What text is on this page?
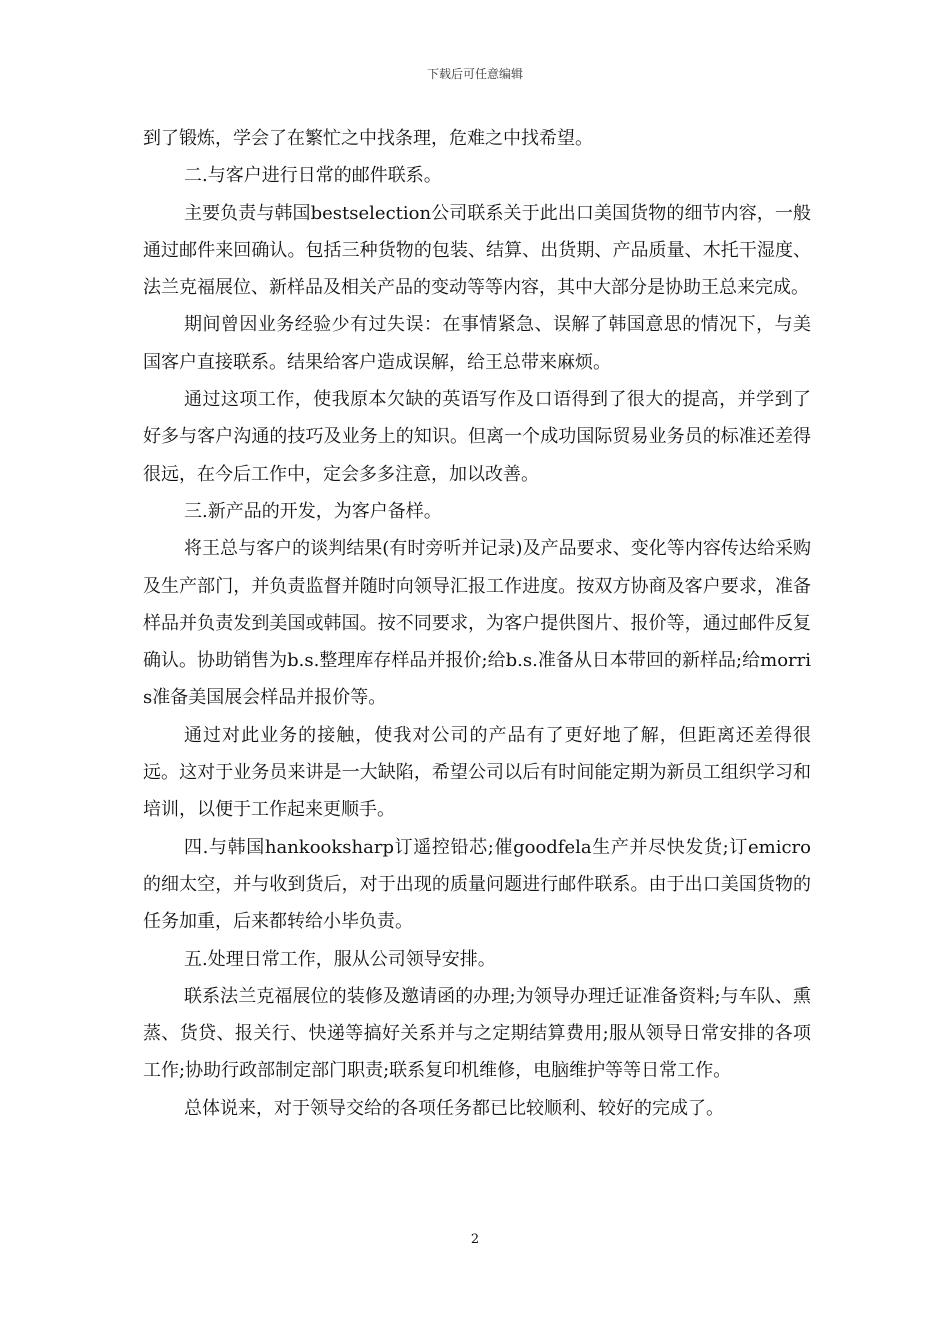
下载后可任意编辑

到了锻炼，学会了在繁忙之中找条理，危难之中找希望。

二.与客户进行日常的邮件联系。

主要负责与韩国bestselection公司联系关于此出口美国货物的细节内容，一般通过邮件来回确认。包括三种货物的包装、结算、出货期、产品质量、木托干湿度、法兰克福展位、新样品及相关产品的变动等等内容，其中大部分是协助王总来完成。

期间曾因业务经验少有过失误：在事情紧急、误解了韩国意思的情况下，与美国客户直接联系。结果给客户造成误解，给王总带来麻烦。

通过这项工作，使我原本欠缺的英语写作及口语得到了很大的提高，并学到了好多与客户沟通的技巧及业务上的知识。但离一个成功国际贸易业务员的标准还差得很远，在今后工作中，定会多多注意，加以改善。

三.新产品的开发，为客户备样。

将王总与客户的谈判结果(有时旁听并记录)及产品要求、变化等内容传达给采购及生产部门，并负责监督并随时向领导汇报工作进度。按双方协商及客户要求，准备样品并负责发到美国或韩国。按不同要求，为客户提供图片、报价等，通过邮件反复确认。协助销售为b.s.整理库存样品并报价;给b.s.准备从日本带回的新样品;给morris准备美国展会样品并报价等。

通过对此业务的接触，使我对公司的产品有了更好地了解，但距离还差得很远。这对于业务员来讲是一大缺陷，希望公司以后有时间能定期为新员工组织学习和培训，以便于工作起来更顺手。

四.与韩国hankooksharp订遥控铅芯;催goodfela生产并尽快发货;订emicro的细太空，并与收到货后，对于出现的质量问题进行邮件联系。由于出口美国货物的任务加重，后来都转给小毕负责。

五.处理日常工作，服从公司领导安排。

联系法兰克福展位的装修及邀请函的办理;为领导办理迁证准备资料;与车队、熏蒸、货贷、报关行、快递等搞好关系并与之定期结算费用;服从领导日常安排的各项工作;协助行政部制定部门职责;联系复印机维修，电脑维护等等日常工作。

总体说来，对于领导交给的各项任务都已比较顺利、较好的完成了。

2
